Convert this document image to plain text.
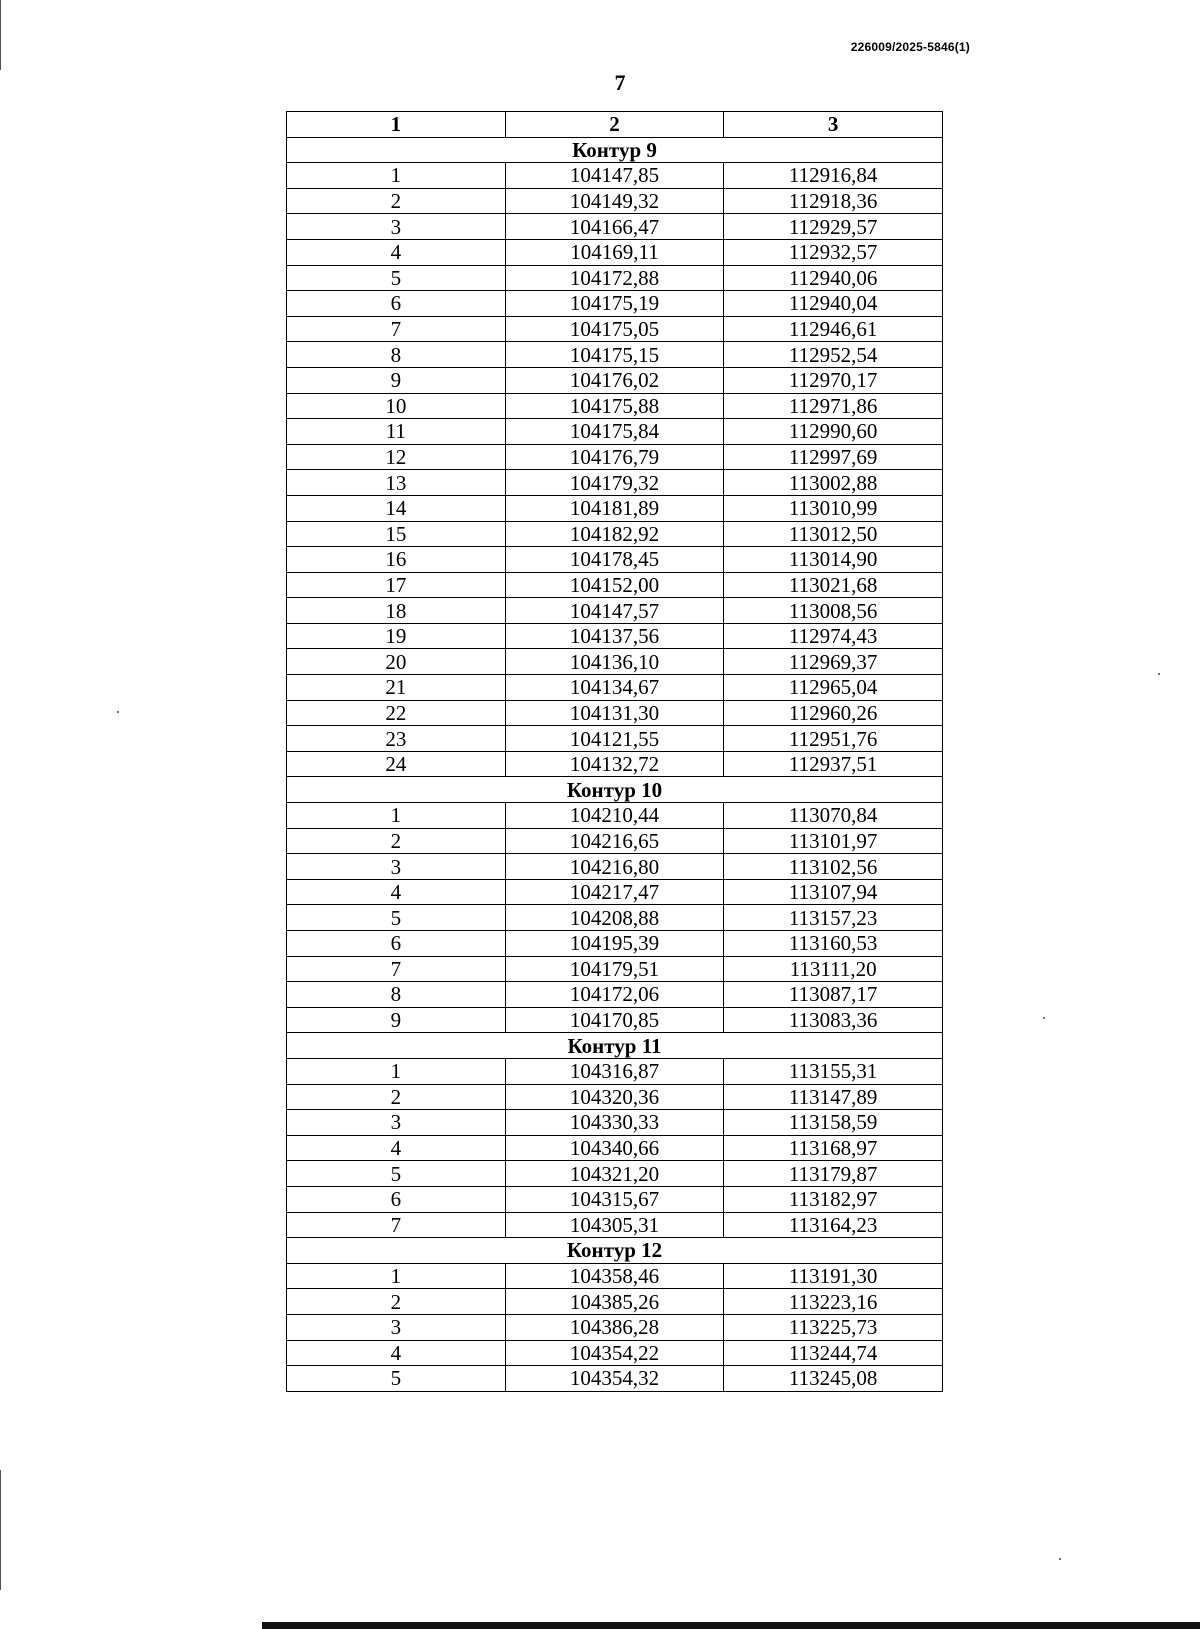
226009/2025-5846(1)
7
1	2	3
Контур 9		
1	104147,85	112916,84
2	104149,32	112918,36
3	104166,47	112929,57
4	104169,11	112932,57
5	104172,88	112940,06
6	104175,19	112940,04
7	104175,05	112946,61
8	104175,15	112952,54
9	104176,02	112970,17
10	104175,88	112971,86
11	104175,84	112990,60
12	104176,79	112997,69
13	104179,32	113002,88
14	104181,89	113010,99
15	104182,92	113012,50
16	104178,45	113014,90
17	104152,00	113021,68
18	104147,57	113008,56
19	104137,56	112974,43
20	104136,10	112969,37
21	104134,67	112965,04
22	104131,30	112960,26
23	104121,55	112951,76
24	104132,72	112937,51
Контур 10		
1	104210,44	113070,84
2	104216,65	113101,97
3	104216,80	113102,56
4	104217,47	113107,94
5	104208,88	113157,23
6	104195,39	113160,53
7	104179,51	113111,20
8	104172,06	113087,17
9	104170,85	113083,36
Контур 11		
1	104316,87	113155,31
2	104320,36	113147,89
3	104330,33	113158,59
4	104340,66	113168,97
5	104321,20	113179,87
6	104315,67	113182,97
7	104305,31	113164,23
Контур 12		
1	104358,46	113191,30
2	104385,26	113223,16
3	104386,28	113225,73
4	104354,22	113244,74
5	104354,32	113245,08
